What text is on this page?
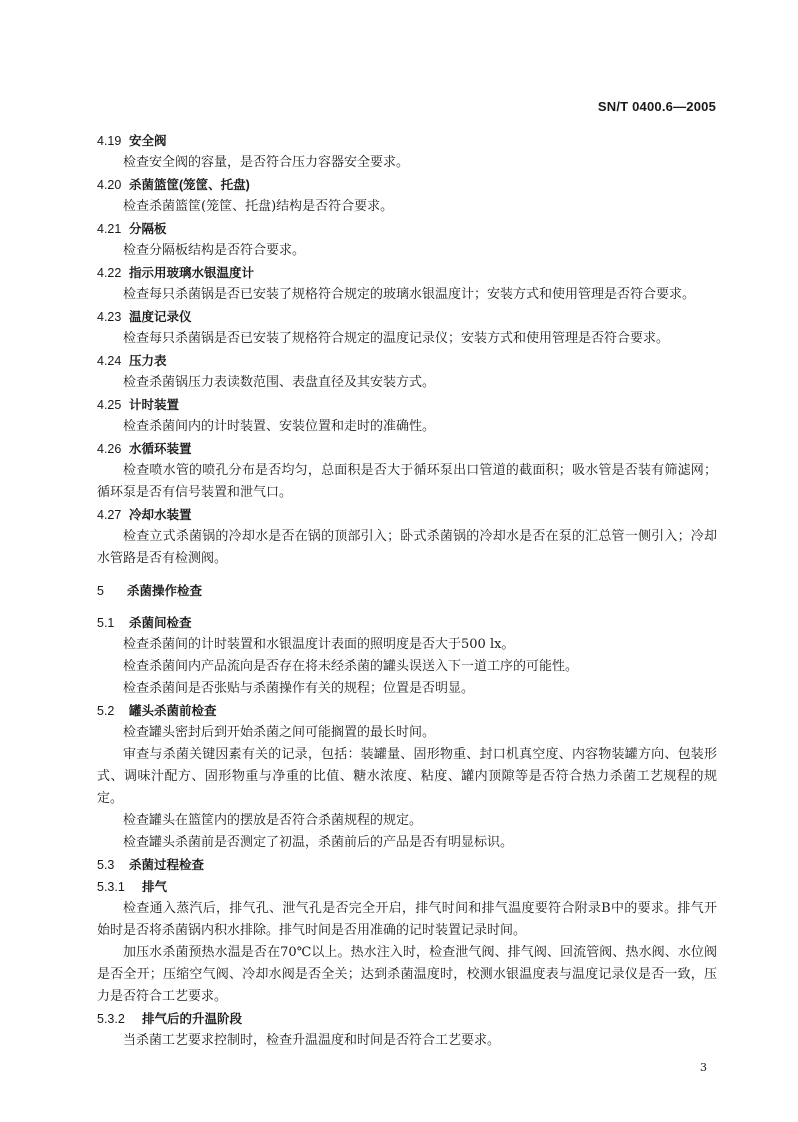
SN/T 0400.6—2005
4.19 安全阀
检查安全阀的容量，是否符合压力容器安全要求。
4.20 杀菌篮筐(笼筐、托盘)
检查杀菌篮筐(笼筐、托盘)结构是否符合要求。
4.21 分隔板
检查分隔板结构是否符合要求。
4.22 指示用玻璃水银温度计
检查每只杀菌锅是否已安装了规格符合规定的玻璃水银温度计；安装方式和使用管理是否符合要求。
4.23 温度记录仪
检查每只杀菌锅是否已安装了规格符合规定的温度记录仪；安装方式和使用管理是否符合要求。
4.24 压力表
检查杀菌锅压力表读数范围、表盘直径及其安装方式。
4.25 计时装置
检查杀菌间内的计时装置、安装位置和走时的准确性。
4.26 水循环装置
检查喷水管的喷孔分布是否均匀，总面积是否大于循环泵出口管道的截面积；吸水管是否装有筛滤网；循环泵是否有信号装置和泄气口。
4.27 冷却水装置
检查立式杀菌锅的冷却水是否在锅的顶部引入；卧式杀菌锅的冷却水是否在泵的汇总管一侧引入；冷却水管路是否有检测阀。
5 杀菌操作检查
5.1 杀菌间检查
检查杀菌间的计时装置和水银温度计表面的照明度是否大于500 lx。
检查杀菌间内产品流向是否存在将未经杀菌的罐头误送入下一道工序的可能性。
检查杀菌间是否张贴与杀菌操作有关的规程；位置是否明显。
5.2 罐头杀菌前检查
检查罐头密封后到开始杀菌之间可能搁置的最长时间。
审查与杀菌关键因素有关的记录，包括：装罐量、固形物重、封口机真空度、内容物装罐方向、包装形式、调味汁配方、固形物重与净重的比值、糖水浓度、粘度、罐内顶隙等是否符合热力杀菌工艺规程的规定。
检查罐头在篮筐内的摆放是否符合杀菌规程的规定。
检查罐头杀菌前是否测定了初温，杀菌前后的产品是否有明显标识。
5.3 杀菌过程检查
5.3.1 排气
检查通入蒸汽后，排气孔、泄气孔是否完全开启，排气时间和排气温度要符合附录B中的要求。排气开始时是否将杀菌锅内积水排除。排气时间是否用准确的记时装置记录时间。
加压水杀菌预热水温是否在70℃以上。热水注入时，检查泄气阀、排气阀、回流管阀、热水阀、水位阀是否全开；压缩空气阀、冷却水阀是否全关；达到杀菌温度时，校测水银温度表与温度记录仪是否一致，压力是否符合工艺要求。
5.3.2 排气后的升温阶段
当杀菌工艺要求控制时，检查升温温度和时间是否符合工艺要求。
3
